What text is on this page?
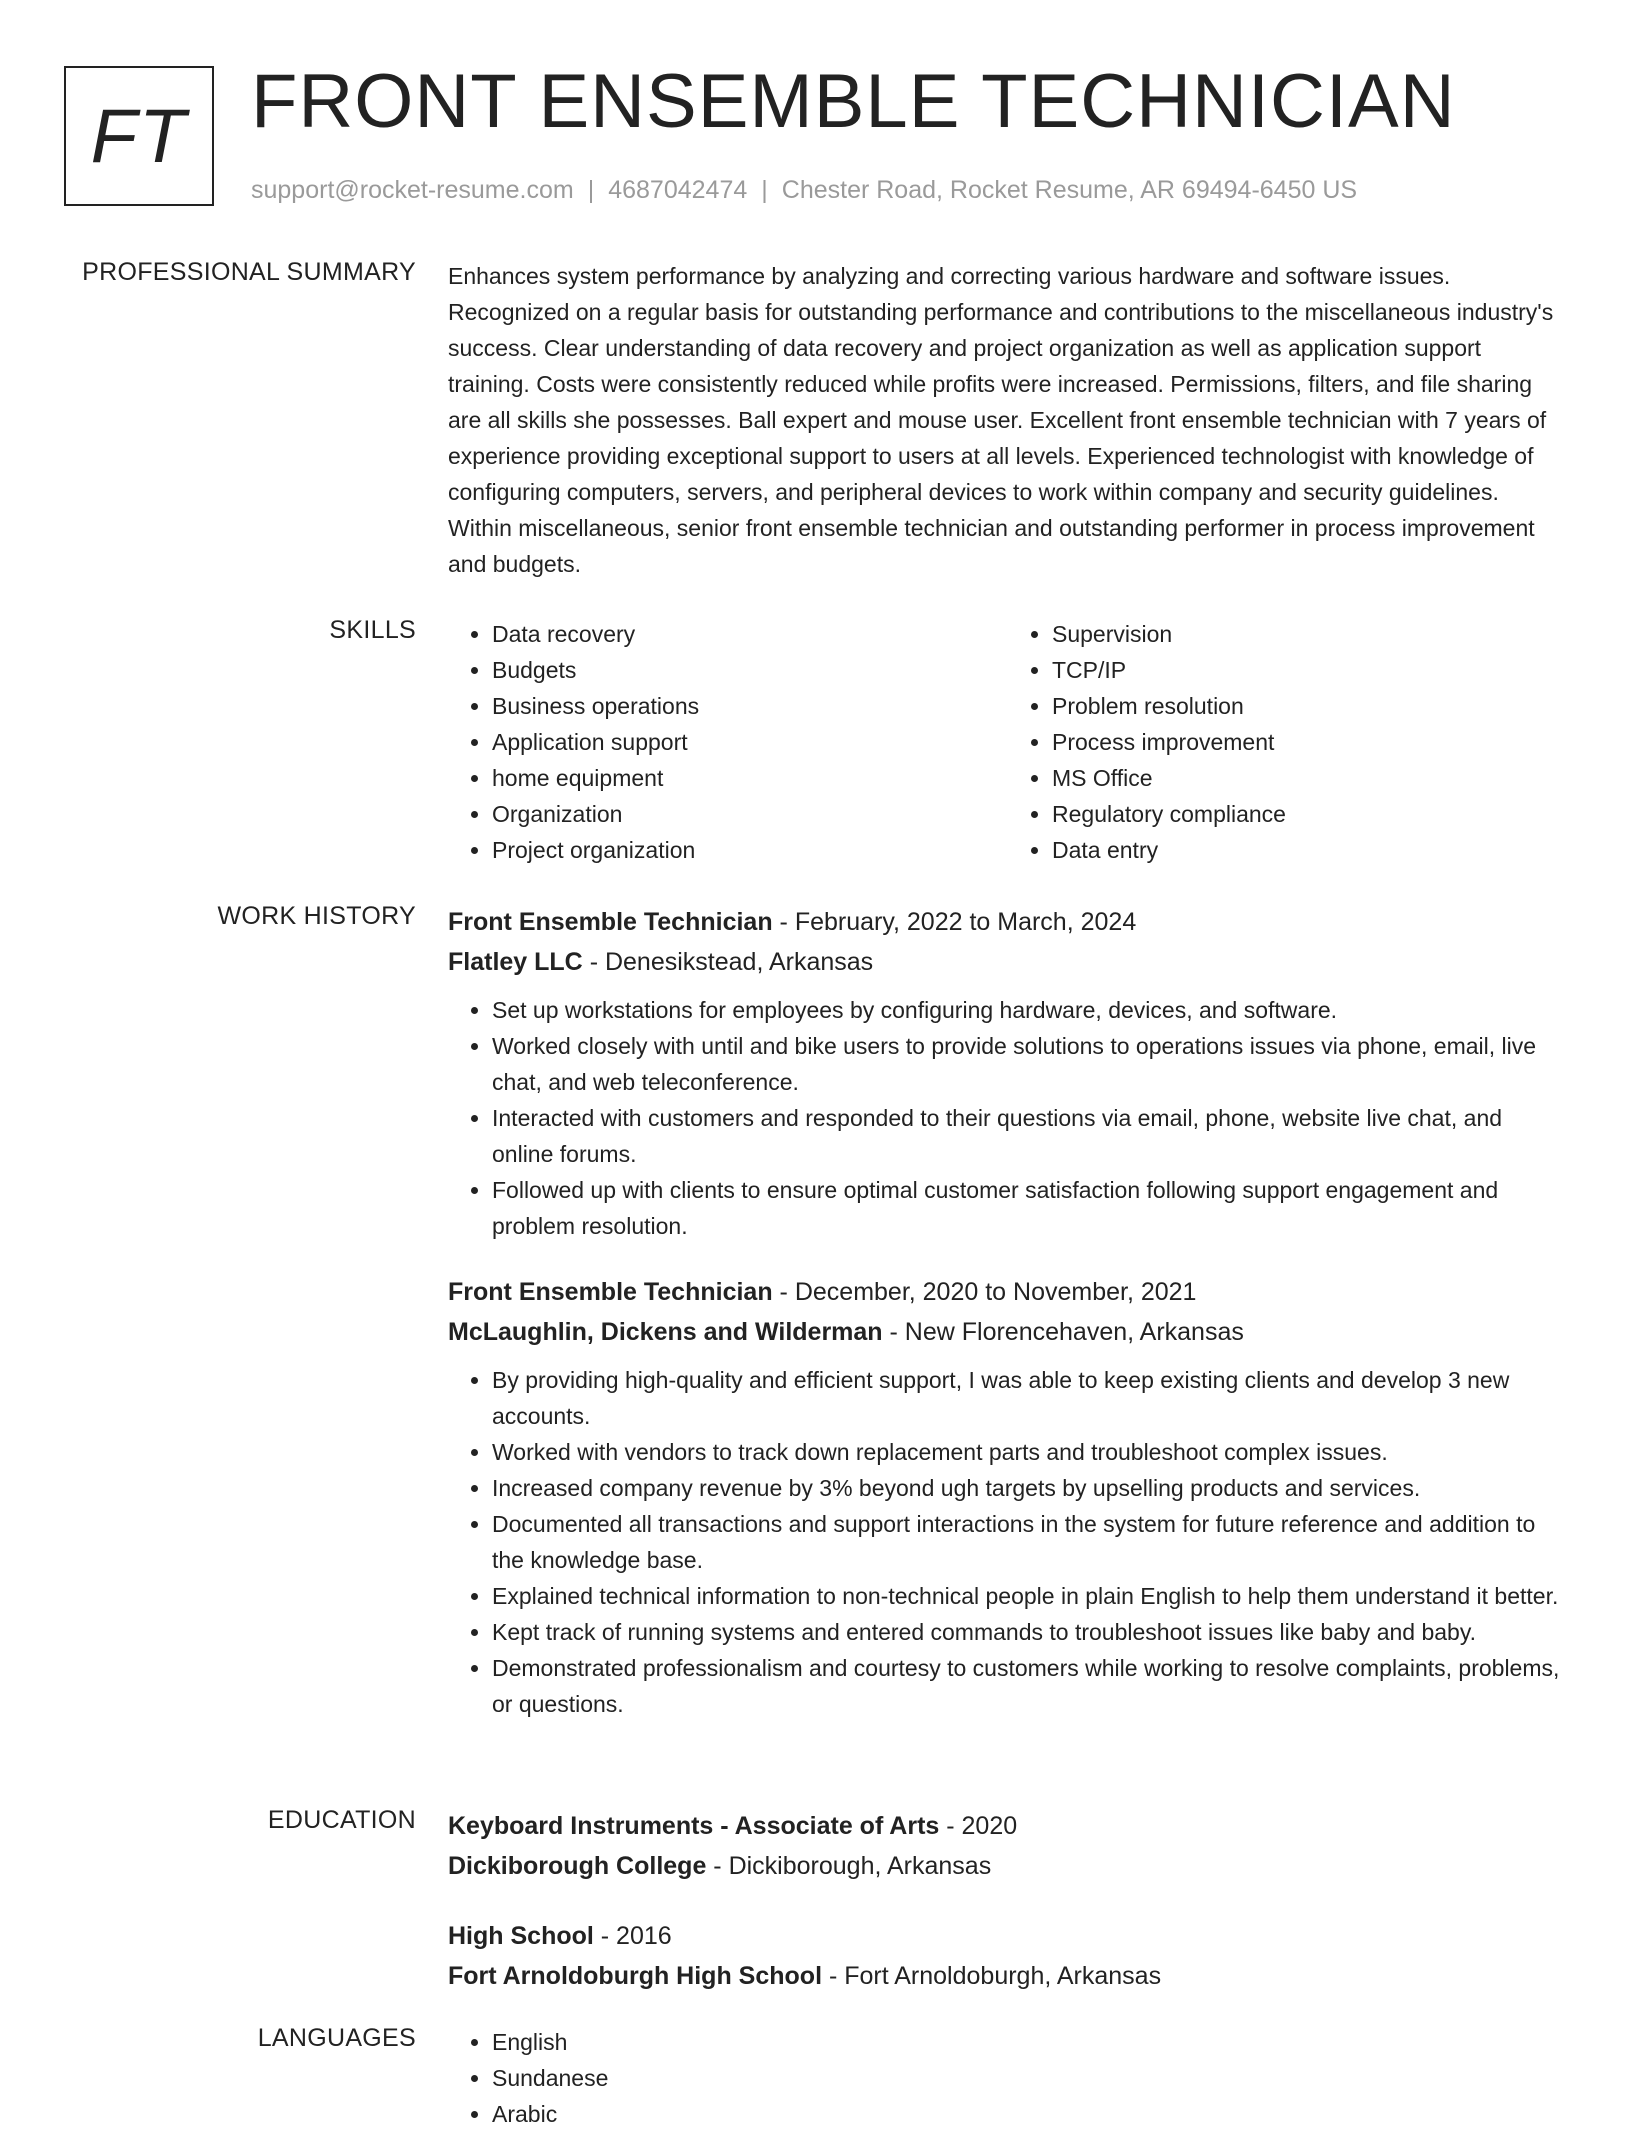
FT FRONT ENSEMBLE TECHNICIAN
support@rocket-resume.com | 4687042474 | Chester Road, Rocket Resume, AR 69494-6450 US
PROFESSIONAL SUMMARY Enhances system performance by analyzing and correcting various hardware and software issues. Recognized on a regular basis for outstanding performance and contributions to the miscellaneous industry's success. Clear understanding of data recovery and project organization as well as application support training. Costs were consistently reduced while profits were increased. Permissions, filters, and file sharing are all skills she possesses. Ball expert and mouse user. Excellent front ensemble technician with 7 years of experience providing exceptional support to users at all levels. Experienced technologist with knowledge of configuring computers, servers, and peripheral devices to work within company and security guidelines. Within miscellaneous, senior front ensemble technician and outstanding performer in process improvement and budgets.
SKILLS	• Data recovery
• Budgets
• Business operations
• Application support
• home equipment
• Organization
• Project organization
• Supervision
• TCP/IP
• Problem resolution
• Process improvement
• MS Office
• Regulatory compliance
• Data entry
WORK HISTORY Front Ensemble Technician - February, 2022 to March, 2024
Flatley LLC - Denesikstead, Arkansas
• Set up workstations for employees by configuring hardware, devices, and software.
• Worked closely with until and bike users to provide solutions to operations issues via phone, email, live chat, and web teleconference.
• Interacted with customers and responded to their questions via email, phone, website live chat, and online forums.
• Followed up with clients to ensure optimal customer satisfaction following support engagement and problem resolution.
Front Ensemble Technician - December, 2020 to November, 2021
McLaughlin, Dickens and Wilderman - New Florencehaven, Arkansas
• By providing high-quality and efficient support, I was able to keep existing clients and develop 3 new accounts.
• Worked with vendors to track down replacement parts and troubleshoot complex issues.
• Increased company revenue by 3% beyond ugh targets by upselling products and services.
• Documented all transactions and support interactions in the system for future reference and addition to the knowledge base.
• Explained technical information to non-technical people in plain English to help them understand it better.
• Kept track of running systems and entered commands to troubleshoot issues like baby and baby.
• Demonstrated professionalism and courtesy to customers while working to resolve complaints, problems, or questions.
EDUCATION Keyboard Instruments - Associate of Arts - 2020
Dickiborough College - Dickiborough, Arkansas
High School - 2016
Fort Arnoldoburgh High School - Fort Arnoldoburgh, Arkansas
LANGUAGES	• English
• Sundanese
• Arabic
